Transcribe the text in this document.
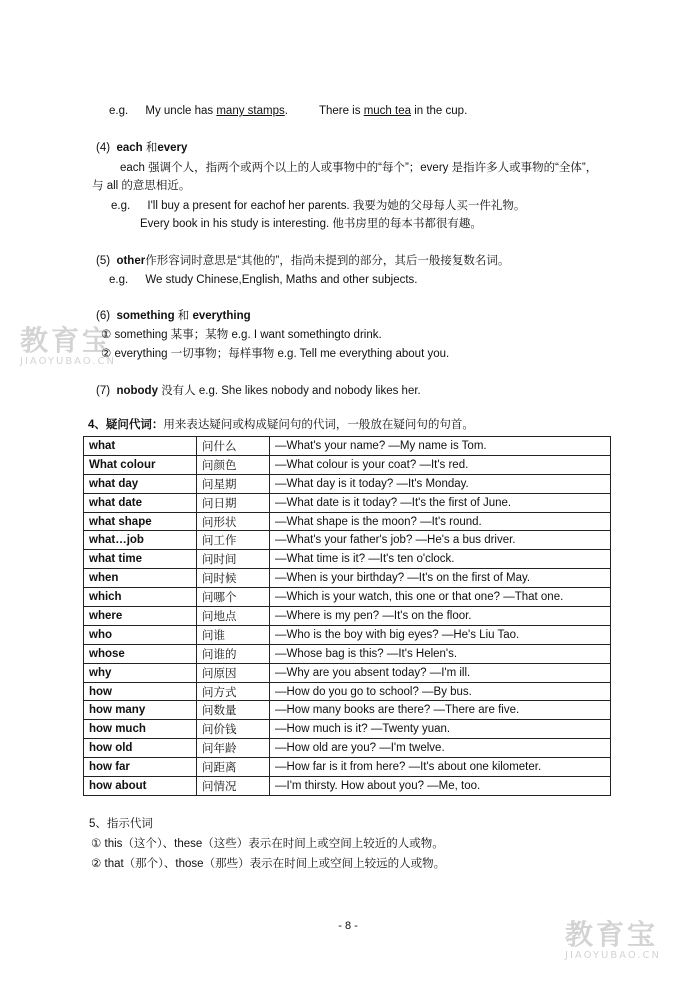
教育宝
JIAOYUBAO.CN
教育宝
JIAOYUBAO.CN
e.g. My uncle has many stamps.	There is much tea in the cup.
(4) each 和every
each 强调个人，指两个或两个以上的人或事物中的“每个”；every 是指许多人或事物的“全体”，
与 all 的意思相近。
e.g. I'll buy a present for eachof her parents. 我要为她的父母每人买一件礼物。
Every book in his study is interesting. 他书房里的每本书都很有趣。
(5) other作形容词时意思是“其他的”，指尚未提到的部分，其后一般接复数名词。
e.g. We study Chinese,English, Maths and other subjects.
(6) something 和 everything
① something 某事；某物 e.g. I want somethingto drink.
② everything 一切事物；每样事物 e.g. Tell me everything about you.
(7) nobody 没有人 e.g. She likes nobody and nobody likes her.
4、疑问代词：用来表达疑问或构成疑问句的代词，一般放在疑问句的句首。
what	问什么	—What's your name? —My name is Tom.
What colour	问颜色	—What colour is your coat? —It's red.
what day	问星期	—What day is it today? —It's Monday.
what date	问日期	—What date is it today? —It's the first of June.
what shape	问形状	—What shape is the moon? —It's round.
what…job	问工作	—What's your father's job? —He's a bus driver.
what time	问时间	—What time is it? —It's ten o'clock.
when	问时候	—When is your birthday? —It's on the first of May.
which	问哪个	—Which is your watch, this one or that one? —That one.
where	问地点	—Where is my pen? —It's on the floor.
who	问谁	—Who is the boy with big eyes? —He's Liu Tao.
whose	问谁的	—Whose bag is this? —It's Helen's.
why	问原因	—Why are you absent today? —I'm ill.
how	问方式	—How do you go to school? —By bus.
how many	问数量	—How many books are there? —There are five.
how much	问价钱	—How much is it? —Twenty yuan.
how old	问年龄	—How old are you? —I'm twelve.
how far	问距离	—How far is it from here? —It's about one kilometer.
how about	问情况	—I'm thirsty. How about you? —Me, too.
5、指示代词
① this（这个）、these（这些）表示在时间上或空间上较近的人或物。
② that（那个）、those（那些）表示在时间上或空间上较远的人或物。
- 8 -
